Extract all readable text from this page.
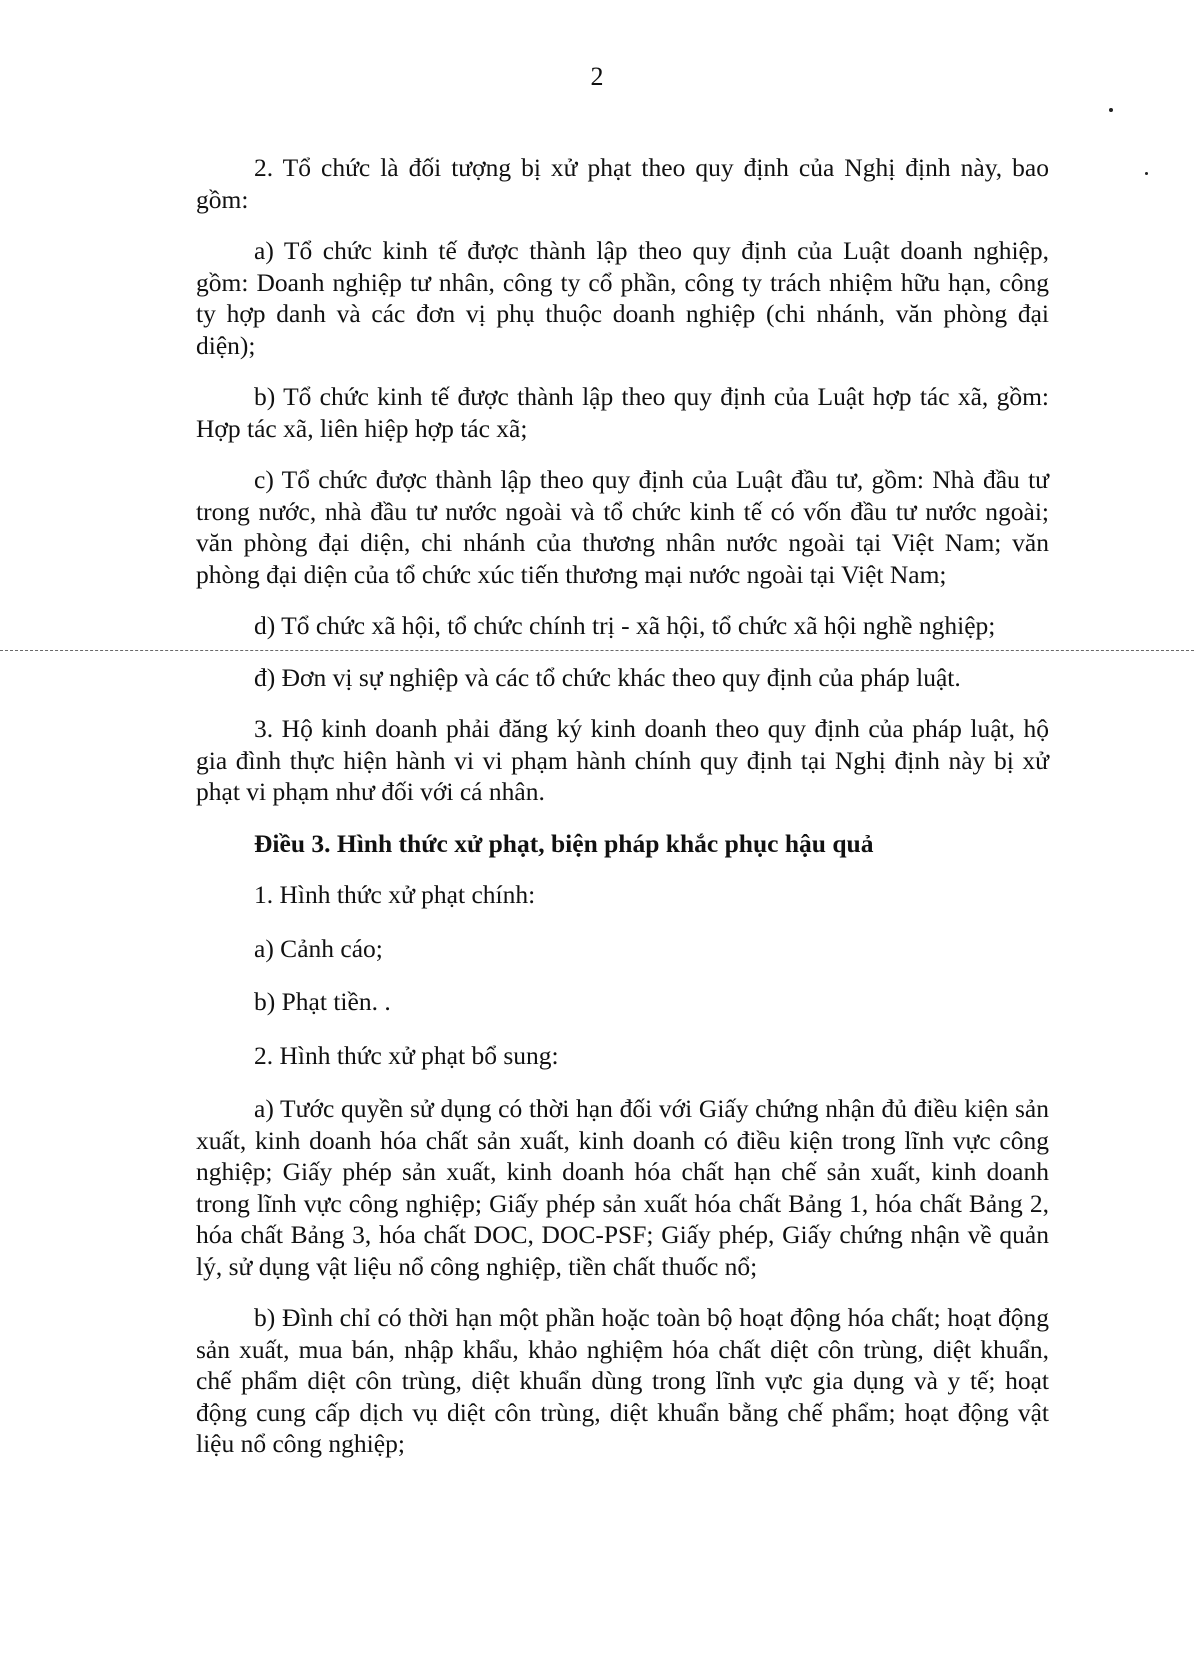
2

2. Tổ chức là đối tượng bị xử phạt theo quy định của Nghị định này, bao gồm:

a) Tổ chức kinh tế được thành lập theo quy định của Luật doanh nghiệp, gồm: Doanh nghiệp tư nhân, công ty cổ phần, công ty trách nhiệm hữu hạn, công ty hợp danh và các đơn vị phụ thuộc doanh nghiệp (chi nhánh, văn phòng đại diện);

b) Tổ chức kinh tế được thành lập theo quy định của Luật hợp tác xã, gồm: Hợp tác xã, liên hiệp hợp tác xã;

c) Tổ chức được thành lập theo quy định của Luật đầu tư, gồm: Nhà đầu tư trong nước, nhà đầu tư nước ngoài và tổ chức kinh tế có vốn đầu tư nước ngoài; văn phòng đại diện, chi nhánh của thương nhân nước ngoài tại Việt Nam; văn phòng đại diện của tổ chức xúc tiến thương mại nước ngoài tại Việt Nam;

d) Tổ chức xã hội, tổ chức chính trị - xã hội, tổ chức xã hội nghề nghiệp;

đ) Đơn vị sự nghiệp và các tổ chức khác theo quy định của pháp luật.

3. Hộ kinh doanh phải đăng ký kinh doanh theo quy định của pháp luật, hộ gia đình thực hiện hành vi vi phạm hành chính quy định tại Nghị định này bị xử phạt vi phạm như đối với cá nhân.

Điều 3. Hình thức xử phạt, biện pháp khắc phục hậu quả

1. Hình thức xử phạt chính:

a) Cảnh cáo;

b) Phạt tiền. .

2. Hình thức xử phạt bổ sung:

a) Tước quyền sử dụng có thời hạn đối với Giấy chứng nhận đủ điều kiện sản xuất, kinh doanh hóa chất sản xuất, kinh doanh có điều kiện trong lĩnh vực công nghiệp; Giấy phép sản xuất, kinh doanh hóa chất hạn chế sản xuất, kinh doanh trong lĩnh vực công nghiệp; Giấy phép sản xuất hóa chất Bảng 1, hóa chất Bảng 2, hóa chất Bảng 3, hóa chất DOC, DOC-PSF; Giấy phép, Giấy chứng nhận về quản lý, sử dụng vật liệu nổ công nghiệp, tiền chất thuốc nổ;

b) Đình chỉ có thời hạn một phần hoặc toàn bộ hoạt động hóa chất; hoạt động sản xuất, mua bán, nhập khẩu, khảo nghiệm hóa chất diệt côn trùng, diệt khuẩn, chế phẩm diệt côn trùng, diệt khuẩn dùng trong lĩnh vực gia dụng và y tế; hoạt động cung cấp dịch vụ diệt côn trùng, diệt khuẩn bằng chế phẩm; hoạt động vật liệu nổ công nghiệp;
